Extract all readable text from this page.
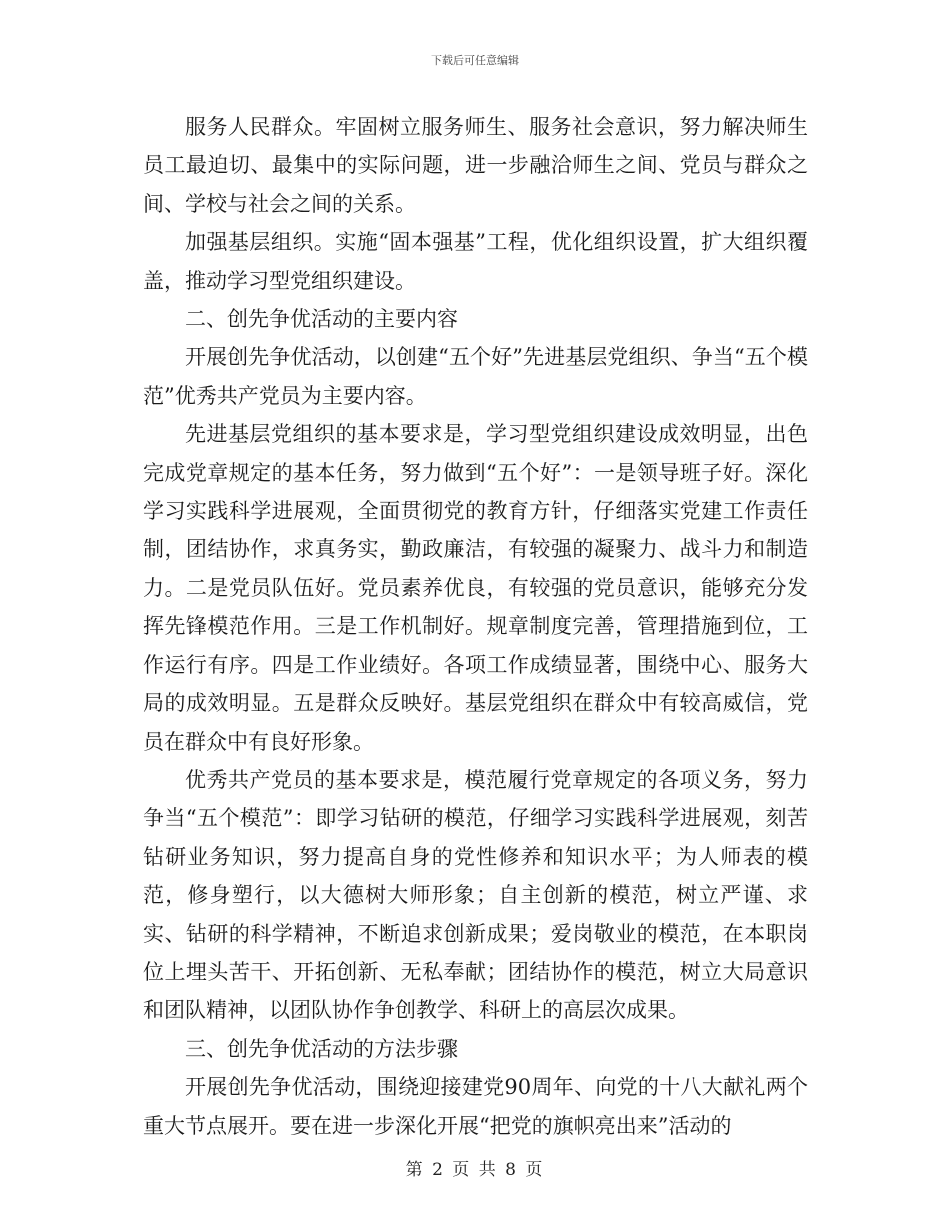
下载后可任意编辑

服务人民群众。牢固树立服务师生、服务社会意识，努力解决师生员工最迫切、最集中的实际问题，进一步融洽师生之间、党员与群众之间、学校与社会之间的关系。

加强基层组织。实施“固本强基”工程，优化组织设置，扩大组织覆盖，推动学习型党组织建设。

二、创先争优活动的主要内容

开展创先争优活动，以创建“五个好”先进基层党组织、争当“五个模范”优秀共产党员为主要内容。

先进基层党组织的基本要求是，学习型党组织建设成效明显，出色完成党章规定的基本任务，努力做到“五个好”：一是领导班子好。深化学习实践科学进展观，全面贯彻党的教育方针，仔细落实党建工作责任制，团结协作，求真务实，勤政廉洁，有较强的凝聚力、战斗力和制造力。二是党员队伍好。党员素养优良，有较强的党员意识，能够充分发挥先锋模范作用。三是工作机制好。规章制度完善，管理措施到位，工作运行有序。四是工作业绩好。各项工作成绩显著，围绕中心、服务大局的成效明显。五是群众反映好。基层党组织在群众中有较高威信，党员在群众中有良好形象。

优秀共产党员的基本要求是，模范履行党章规定的各项义务，努力争当“五个模范”：即学习钻研的模范，仔细学习实践科学进展观，刻苦钻研业务知识，努力提高自身的党性修养和知识水平；为人师表的模范，修身塑行，以大德树大师形象；自主创新的模范，树立严谨、求实、钻研的科学精神，不断追求创新成果；爱岗敬业的模范，在本职岗位上埋头苦干、开拓创新、无私奉献；团结协作的模范，树立大局意识和团队精神，以团队协作争创教学、科研上的高层次成果。

三、创先争优活动的方法步骤

开展创先争优活动，围绕迎接建党90周年、向党的十八大献礼两个重大节点展开。要在进一步深化开展“把党的旗帜亮出来”活动的

第 2 页 共 8 页
